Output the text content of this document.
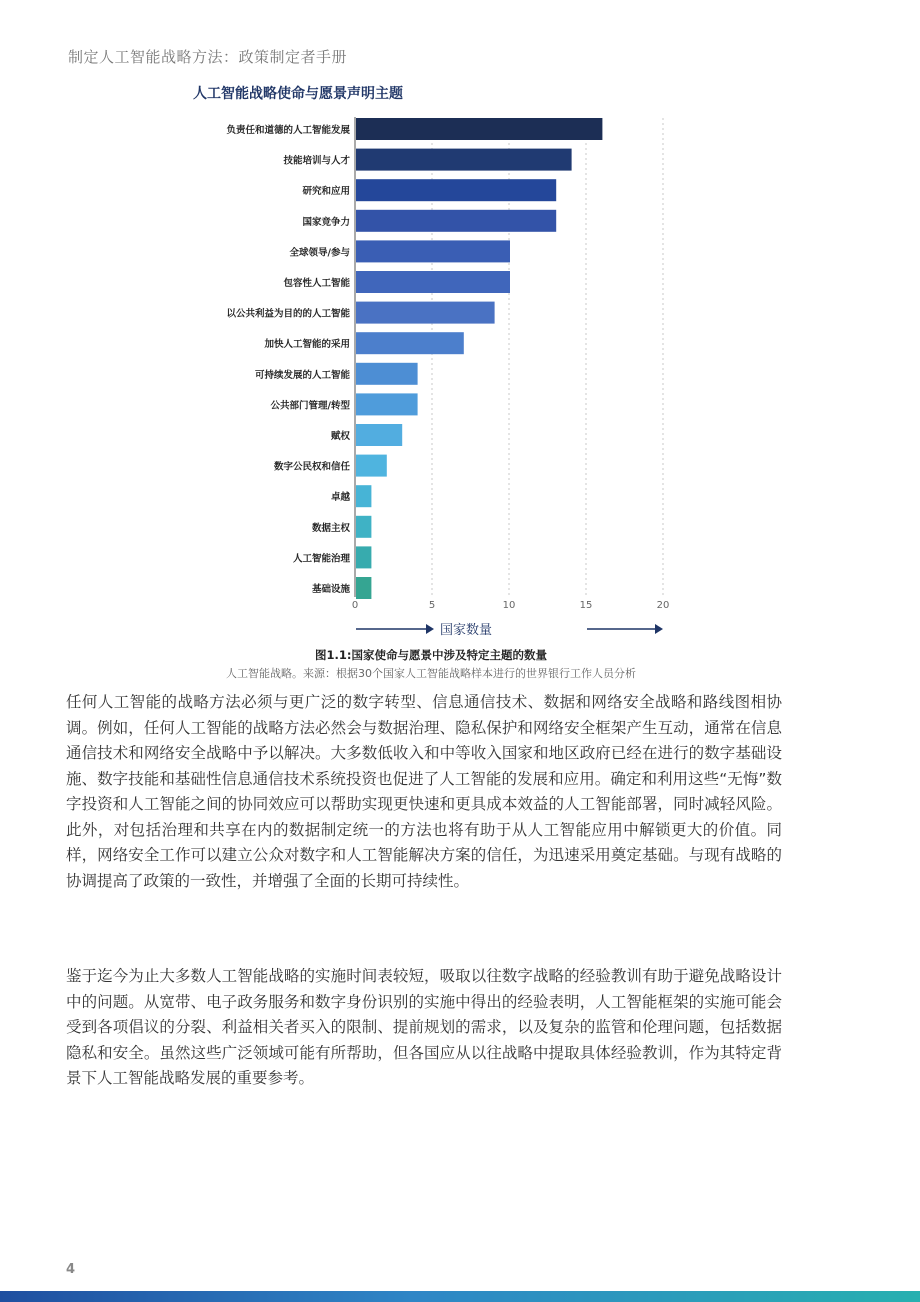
制定人工智能战略方法：政策制定者手册
人工智能战略使命与愿景声明主题
负责任和道德的人工智能发展
技能培训与人才
研究和应用
国家竞争力
全球领导/参与
包容性人工智能
以公共利益为目的的人工智能
加快人工智能的采用
可持续发展的人工智能
公共部门管理/转型
赋权
数字公民权和信任
卓越
数据主权
人工智能治理
基础设施
0	5	10	15	20
国家数量
图1.1:国家使命与愿景中涉及特定主题的数量
人工智能战略。来源：根据30个国家人工智能战略样本进行的世界银行工作人员分析

任何人工智能的战略方法必须与更广泛的数字转型、信息通信技术、数据和网络安全战略和路线图相协调。例如，任何人工智能的战略方法必然会与数据治理、隐私保护和网络安全框架产生互动，通常在信息通信技术和网络安全战略中予以解决。大多数低收入和中等收入国家和地区政府已经在进行的数字基础设施、数字技能和基础性信息通信技术系统投资也促进了人工智能的发展和应用。确定和利用这些“无悔”数字投资和人工智能之间的协同效应可以帮助实现更快速和更具成本效益的人工智能部署，同时减轻风险。此外，对包括治理和共享在内的数据制定统一的方法也将有助于从人工智能应用中解锁更大的价值。同样，网络安全工作可以建立公众对数字和人工智能解决方案的信任，为迅速采用奠定基础。与现有战略的协调提高了政策的一致性，并增强了全面的长期可持续性。

鉴于迄今为止大多数人工智能战略的实施时间表较短，吸取以往数字战略的经验教训有助于避免战略设计中的问题。从宽带、电子政务服务和数字身份识别的实施中得出的经验表明，人工智能框架的实施可能会受到各项倡议的分裂、利益相关者买入的限制、提前规划的需求，以及复杂的监管和伦理问题，包括数据隐私和安全。虽然这些广泛领域可能有所帮助，但各国应从以往战略中提取具体经验教训，作为其特定背景下人工智能战略发展的重要参考。

4
